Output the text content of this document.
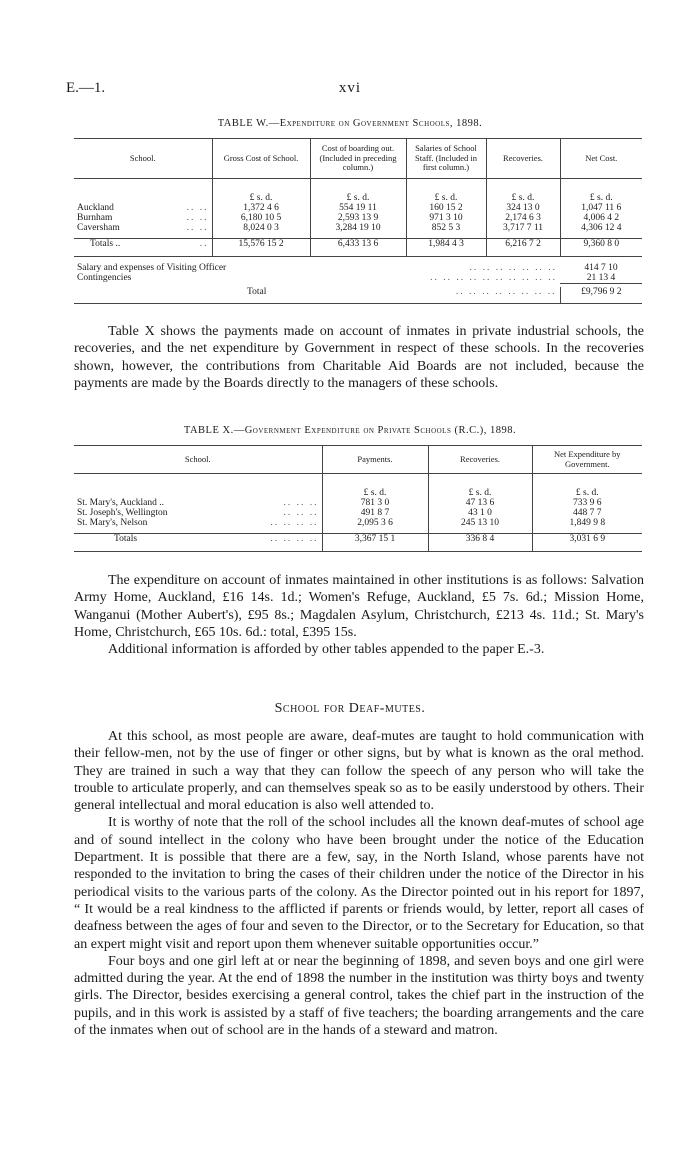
E.—1.	xvi
TABLE W.—Expenditure on Government Schools, 1898.
School.	Gross Cost of School.	Cost of boarding out. (Included in preceding column.)	Salaries of School Staff. (Included in first column.)	Recoveries.	Net Cost.

	£ s. d.	£ s. d.	£ s. d.	£ s. d.	£ s. d.
Auckland .. ..	1,372 4 6	554 19 11	160 15 2	324 13 0	1,047 11 6
Burnham .. ..	6,180 10 5	2,593 13 9	971 3 10	2,174 6 3	4,006 4 2
Caversham .. ..	8,024 0 3	3,284 19 10	852 5 3	3,717 7 11	4,306 12 4

Totals .. ..	15,576 15 2	6,433 13 6	1,984 4 3	6,216 7 2	9,360 8 0

Salary and expenses of Visiting Officer .. .. .. .. .. .. ..					414 7 10
Contingencies .. .. .. .. .. .. .. .. .. ..					21 13 4

Total .. .. .. .. .. .. .. ..					£9,796 9 2

Table X shows the payments made on account of inmates in private industrial schools, the recoveries, and the net expenditure by Government in respect of these schools. In the recoveries shown, however, the contributions from Charitable Aid Boards are not included, because the payments are made by the Boards directly to the managers of these schools.

TABLE X.—Government Expenditure on Private Schools (R.C.), 1898.
School.	Payments.	Recoveries.	Net Expenditure by Government.

	£ s. d.	£ s. d.	£ s. d.
St. Mary's, Auckland .. .. .. ..	781 3 0	47 13 6	733 9 6
St. Joseph's, Wellington .. .. ..	491 8 7	43 1 0	448 7 7
St. Mary's, Nelson .. .. .. ..	2,095 3 6	245 13 10	1,849 9 8

Totals .. .. .. ..	3,367 15 1	336 8 4	3,031 6 9

The expenditure on account of inmates maintained in other institutions is as follows: Salvation Army Home, Auckland, £16 14s. 1d.; Women's Refuge, Auckland, £5 7s. 6d.; Mission Home, Wanganui (Mother Aubert's), £95 8s.; Magdalen Asylum, Christchurch, £213 4s. 11d.; St. Mary's Home, Christchurch, £65 10s. 6d.: total, £395 15s.

Additional information is afforded by other tables appended to the paper E.-3.

School for Deaf-mutes.

At this school, as most people are aware, deaf-mutes are taught to hold communication with their fellow-men, not by the use of finger or other signs, but by what is known as the oral method. They are trained in such a way that they can follow the speech of any person who will take the trouble to articulate properly, and can themselves speak so as to be easily understood by others. Their general intellectual and moral education is also well attended to.

It is worthy of note that the roll of the school includes all the known deaf-mutes of school age and of sound intellect in the colony who have been brought under the notice of the Education Department. It is possible that there are a few, say, in the North Island, whose parents have not responded to the invitation to bring the cases of their children under the notice of the Director in his periodical visits to the various parts of the colony. As the Director pointed out in his report for 1897, “ It would be a real kindness to the afflicted if parents or friends would, by letter, report all cases of deafness between the ages of four and seven to the Director, or to the Secretary for Education, so that an expert might visit and report upon them whenever suitable opportunities occur.”

Four boys and one girl left at or near the beginning of 1898, and seven boys and one girl were admitted during the year. At the end of 1898 the number in the institution was thirty boys and twenty girls. The Director, besides exercising a general control, takes the chief part in the instruction of the pupils, and in this work is assisted by a staff of five teachers; the boarding arrangements and the care of the inmates when out of school are in the hands of a steward and matron.
